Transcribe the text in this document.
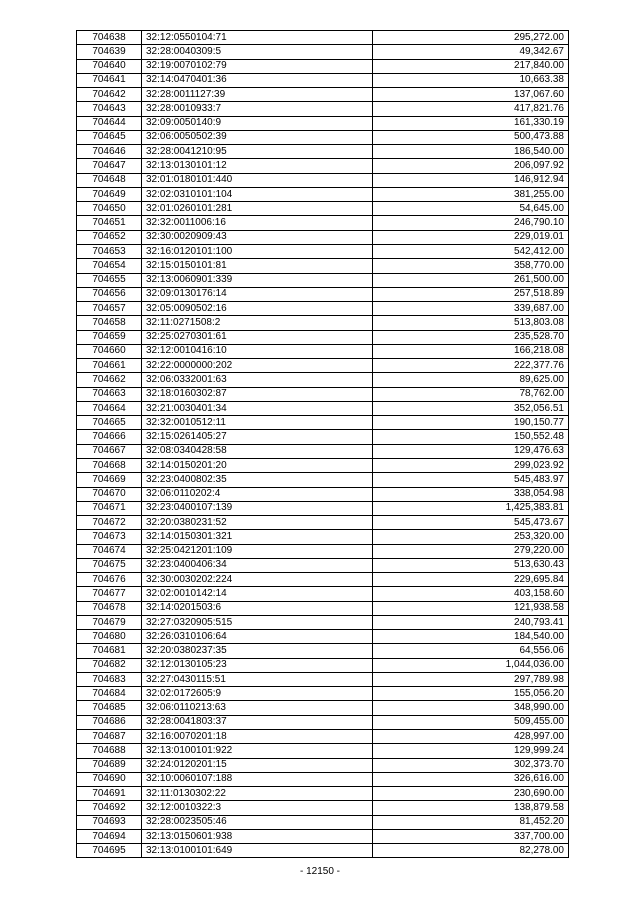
704638	32:12:0550104:71	295,272.00
704639	32:28:0040309:5	49,342.67
704640	32:19:0070102:79	217,840.00
704641	32:14:0470401:36	10,663.38
704642	32:28:0011127:39	137,067.60
704643	32:28:0010933:7	417,821.76
704644	32:09:0050140:9	161,330.19
704645	32:06:0050502:39	500,473.88
704646	32:28:0041210:95	186,540.00
704647	32:13:0130101:12	206,097.92
704648	32:01:0180101:440	146,912.94
704649	32:02:0310101:104	381,255.00
704650	32:01:0260101:281	54,645.00
704651	32:32:0011006:16	246,790.10
704652	32:30:0020909:43	229,019.01
704653	32:16:0120101:100	542,412.00
704654	32:15:0150101:81	358,770.00
704655	32:13:0060901:339	261,500.00
704656	32:09:0130176:14	257,518.89
704657	32:05:0090502:16	339,687.00
704658	32:11:0271508:2	513,803.08
704659	32:25:0270301:61	235,528.70
704660	32:12:0010416:10	166,218.08
704661	32:22:0000000:202	222,377.76
704662	32:06:0332001:63	89,625.00
704663	32:18:0160302:87	78,762.00
704664	32:21:0030401:34	352,056.51
704665	32:32:0010512:11	190,150.77
704666	32:15:0261405:27	150,552.48
704667	32:08:0340428:58	129,476.63
704668	32:14:0150201:20	299,023.92
704669	32:23:0400802:35	545,483.97
704670	32:06:0110202:4	338,054.98
704671	32:23:0400107:139	1,425,383.81
704672	32:20:0380231:52	545,473.67
704673	32:14:0150301:321	253,320.00
704674	32:25:0421201:109	279,220.00
704675	32:23:0400406:34	513,630.43
704676	32:30:0030202:224	229,695.84
704677	32:02:0010142:14	403,158.60
704678	32:14:0201503:6	121,938.58
704679	32:27:0320905:515	240,793.41
704680	32:26:0310106:64	184,540.00
704681	32:20:0380237:35	64,556.06
704682	32:12:0130105:23	1,044,036.00
704683	32:27:0430115:51	297,789.98
704684	32:02:0172605:9	155,056.20
704685	32:06:0110213:63	348,990.00
704686	32:28:0041803:37	509,455.00
704687	32:16:0070201:18	428,997.00
704688	32:13:0100101:922	129,999.24
704689	32:24:0120201:15	302,373.70
704690	32:10:0060107:188	326,616.00
704691	32:11:0130302:22	230,690.00
704692	32:12:0010322:3	138,879.58
704693	32:28:0023505:46	81,452.20
704694	32:13:0150601:938	337,700.00
704695	32:13:0100101:649	82,278.00
- 12150 -
